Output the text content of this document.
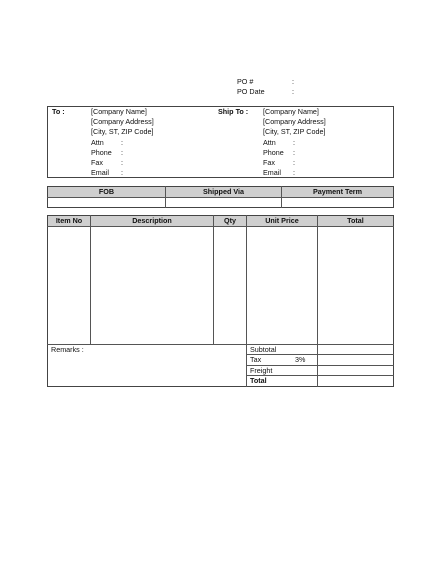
PO #	:
PO Date	:
To :	[Company Name]
[Company Address]
[City, ST, ZIP Code]
Attn :
Phone :
Fax	:
Email :
Ship To : [Company Name]
[Company Address]
[City, ST, ZIP Code]
Attn :
Phone :
Fax	:
Email :
FOB	Shipped Via	Payment Term
Item No	Description	Qty	Unit Price	Total
Remarks :	Subtotal
Tax	3%
Freight
Total
